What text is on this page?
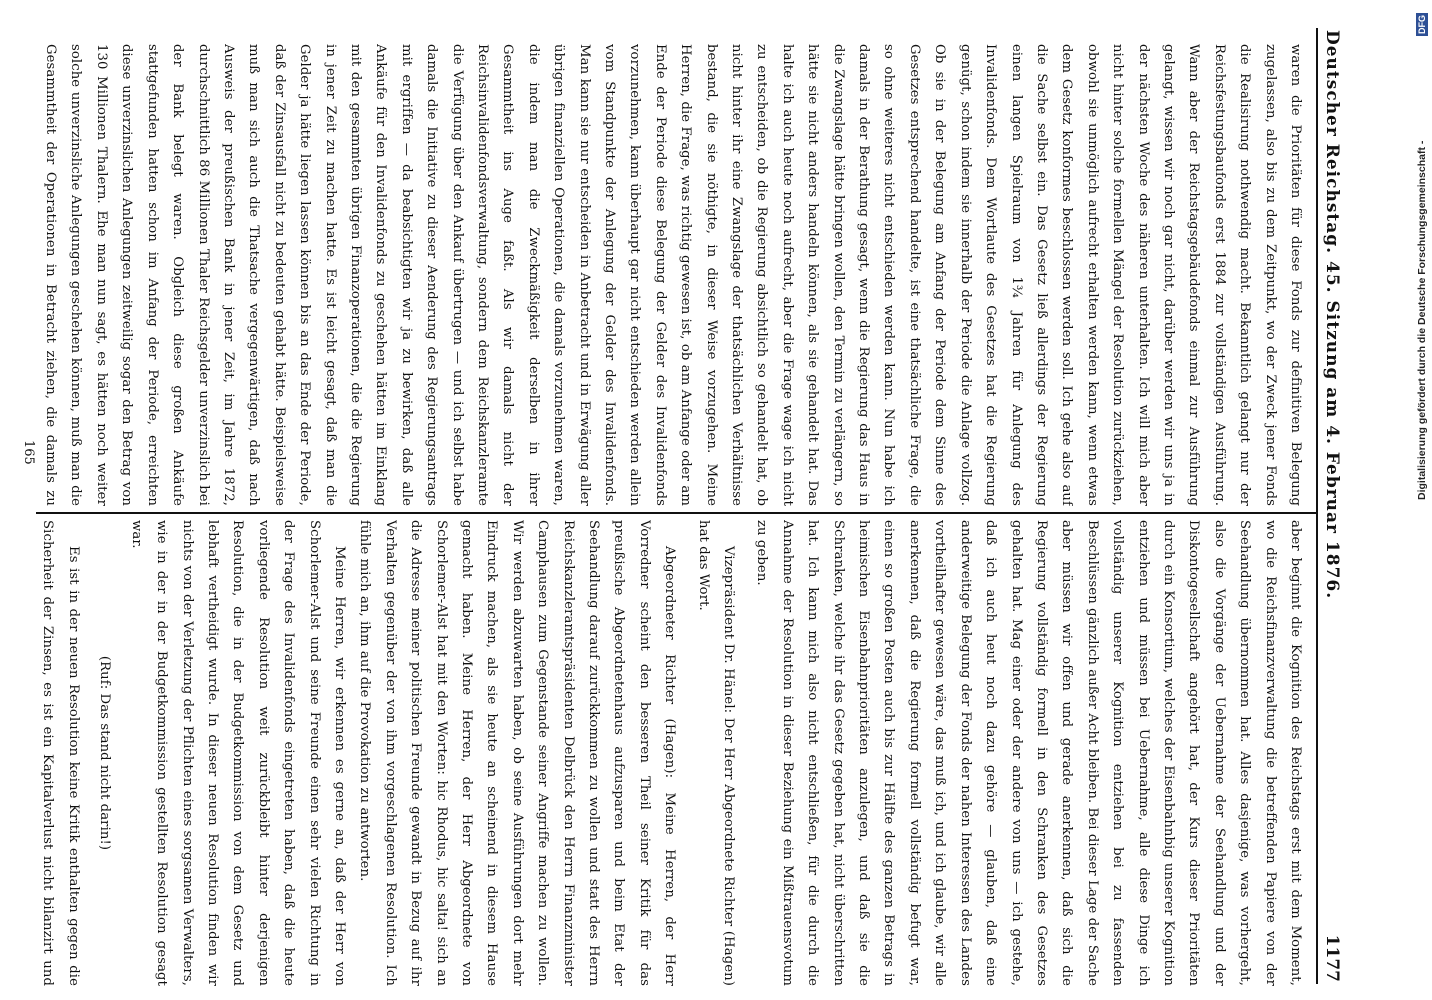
Deutscher Reichstag. 45. Sitzung am 4. Februar 1876.
1177

aber beginnt die Kognition des Reichstags erst mit dem Moment, wo die Reichsfinanzverwaltung die betreffenden Papiere von der Seehandlung übernommen hat. Alles dasjenige, was vorhergeht, also die Vorgänge der Uebernahme der Seehandlung und der Diskontogesellschaft angehört hat, der Kurs dieser Prioritäten durch ein Konsortium, welches der Eisenbahnbig unserer Kognition entziehen und müssen bei Uebernahme, alle diese Dinge ich vollständig unserer Kognition entziehen bei zu fassenden Beschlüssen gänzlich außer Acht bleiben. Bei dieser Lage der Sache aber müssen wir offen und gerade anerkennen, daß sich die Regierung vollständig formell in den Schranken des Gesetzes gehalten hat. Mag einer oder der andere von uns — ich gestehe, daß ich auch heut noch dazu gehöre — glauben, daß eine anderweitige Belegung der Fonds der nahen Interessen des Landes vortheilhafter gewesen wäre, das muß ich, und ich glaube, wir alle anerkennen, daß die Regierung formell vollständig befugt war, einen so großen Posten auch bis zur Hälfte des ganzen Betrags in heimischen Eisenbahnprioritäten anzulegen, und daß sie die Schranken, welche ihr das Gesetz gegeben hat, nicht überschritten hat. Ich kann mich also nicht entschließen, für die durch die Annahme der Resolution in dieser Beziehung ein Mißtrauensvotum zu geben.

Vizepräsident Dr. Hänel: Der Herr Abgeordnete Richter (Hagen) hat das Wort.

Abgeordneter Richter (Hagen): Meine Herren, der Herr Vorredner scheint den besseren Theil seiner Kritik für das preußische Abgeordnetenhaus aufzusparen und beim Etat der Seehandlung darauf zurückkommen zu wollen und statt des Herrn Reichskanzleramtspräsidenten Delbrück den Herrn Finanzminister Camphausen zum Gegenstande seiner Angriffe machen zu wollen. Wir werden abzuwarten haben, ob seine Ausführungen dort mehr Eindruck machen, als sie heute an scheinend in diesem Hause gemacht haben. Meine Herren, der Herr Abgeordnete von Schorlemer-Alst hat mit den Worten: hic Rhodus, hic salta! sich an die Adresse meiner politischen Freunde gewandt in Bezug auf ihr Verhalten gegenüber der von ihm vorgeschlagenen Resolution. Ich fühle mich an, ihm auf die Provokation zu antworten.

Meine Herren, wir erkennen es gerne an, daß der Herr von Schorlemer-Alst und seine Freunde einen sehr vielen Richtung in der Frage des Invalidenfonds eingetreten haben, daß die heute vorliegende Resolution weit zurückbleibt hinter derjenigen Resolution, die in der Budgetkommission von dem Gesetz und lebhaft vertheidigt wurde. In dieser neuen Resolution finden wir nichts von der Verletzung der Pflichten eines sorgsamen Verwalters, wie in der in der Budgetkommission gestellten Resolution gesagt war.

(Ruf: Das stand nicht darin!)

Es ist in der neuen Resolution keine Kritik enthalten gegen die Sicherheit der Zinsen, es ist ein Kapitalverlust nicht bilanzirt und

waren die Prioritäten für diese Fonds zur definitiven Belegung zugelassen, also bis zu dem Zeitpunkt, wo der Zweck jener Fonds die Realisirung nothwendig macht. Bekanntlich gelangt nur der Reichsfestungsbaufonds erst 1884 zur vollständigen Ausführung. Wann aber der Reichstagsgebäudefonds einmal zur Ausführung gelangt, wissen wir noch gar nicht, darüber werden wir uns ja in der nächsten Woche des näheren unterhalten. Ich will mich aber nicht hinter solche formellen Mängel der Resolution zurückziehen, obwohl sie unmöglich aufrecht erhalten werden kann, wenn etwas dem Gesetz konformes beschlossen werden soll. Ich gehe also auf die Sache selbst ein. Das Gesetz ließ allerdings der Regierung einen langen Spielraum von 1¾ Jahren für Anlegung des Invalidenfonds. Dem Wortlaute des Gesetzes hat die Regierung genügt, schon indem sie innerhalb der Periode die Anlage vollzog. Ob sie in der Belegung am Anfang der Periode dem Sinne des Gesetzes entsprechend handelte, ist eine thatsächliche Frage, die so ohne weiteres nicht entschieden werden kann. Nun habe ich damals in der Berathung gesagt, wenn die Regierung das Haus in die Zwangslage hätte bringen wollen, den Termin zu verlängern, so hätte sie nicht anders handeln können, als sie gehandelt hat. Das halte ich auch heute noch aufrecht, aber die Frage wage ich nicht zu entscheiden, ob die Regierung absichtlich so gehandelt hat, ob nicht hinter ihr eine Zwangslage der thatsächlichen Verhältnisse bestand, die sie nöthigte, in dieser Weise vorzugehen. Meine Herren, die Frage, was richtig gewesen ist, ob am Anfange oder am Ende der Periode diese Belegung der Gelder des Invalidenfonds vorzunehmen, kann überhaupt gar nicht entschieden werden allein vom Standpunkte der Anlegung der Gelder des Invalidenfonds. Man kann sie nur entscheiden in Anbetracht und in Erwägung aller übrigen finanziellen Operationen, die damals vorzunehmen waren, die indem man die Zweckmäßigkeit derselben in ihrer Gesammtheit ins Auge faßt. Als wir damals nicht der Reichsinvalidenfondsverwaltung, sondern dem Reichskanzleramte die Verfügung über den Ankauf übertrugen — und ich selbst habe damals die Initiative zu dieser Aenderung des Regierungsantrags mit ergriffen — da beabsichtigten wir ja zu bewirken, daß alle Ankäufe für den Invalidenfonds zu geschehen hätten im Einklang mit den gesammten übrigen Finanzoperationen, die die Regierung in jener Zeit zu machen hatte. Es ist leicht gesagt, daß man die Gelder ja hätte liegen lassen können bis an das Ende der Periode, daß der Zinsausfall nicht zu bedeuten gehabt hätte. Beispielsweise muß man sich auch die Thatsache vergegenwärtigen, daß nach Ausweis der preußischen Bank in jener Zeit, im Jahre 1872, durchschnittlich 86 Millionen Thaler Reichsgelder unverzinslich bei der Bank belegt waren. Obgleich diese großen Ankäufe stattgefunden hatten schon im Anfang der Periode, erreichten diese unverzinslichen Anlegungen zeitweilig sogar den Betrag von 130 Millionen Thalern. Ehe man nun sagt, es hätten noch weiter solche unverzinsliche Anlegungen geschehen können, muß man die Gesammtheit der Operationen in Betracht ziehen, die damals zu

165	Digitalisierung gefördert durch die Deutsche Forschungsgemeinschaft -
DFG
